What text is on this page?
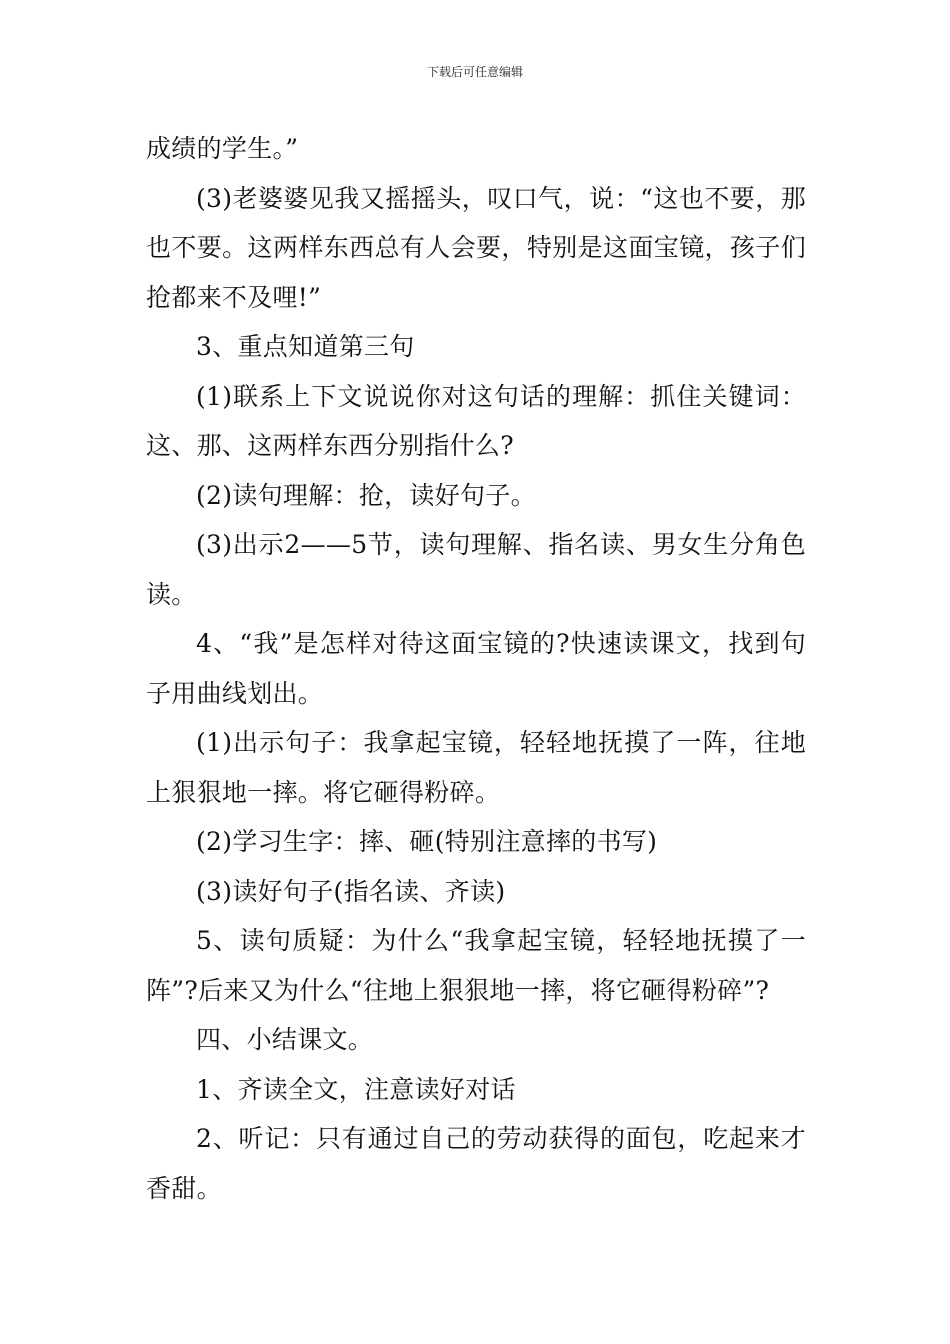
下载后可任意编辑

成绩的学生。”

(3)老婆婆见我又摇摇头，叹口气，说：“这也不要，那也不要。这两样东西总有人会要，特别是这面宝镜，孩子们抢都来不及哩!”

3、重点知道第三句

(1)联系上下文说说你对这句话的理解：抓住关键词：这、那、这两样东西分别指什么?

(2)读句理解：抢，读好句子。

(3)出示2——5节，读句理解、指名读、男女生分角色读。

4、“我”是怎样对待这面宝镜的?快速读课文，找到句子用曲线划出。

(1)出示句子：我拿起宝镜，轻轻地抚摸了一阵，往地上狠狠地一摔。将它砸得粉碎。

(2)学习生字：摔、砸(特别注意摔的书写)

(3)读好句子(指名读、齐读)

5、读句质疑：为什么“我拿起宝镜，轻轻地抚摸了一阵”?后来又为什么“往地上狠狠地一摔，将它砸得粉碎”?

四、小结课文。

1、齐读全文，注意读好对话

2、听记：只有通过自己的劳动获得的面包，吃起来才香甜。
